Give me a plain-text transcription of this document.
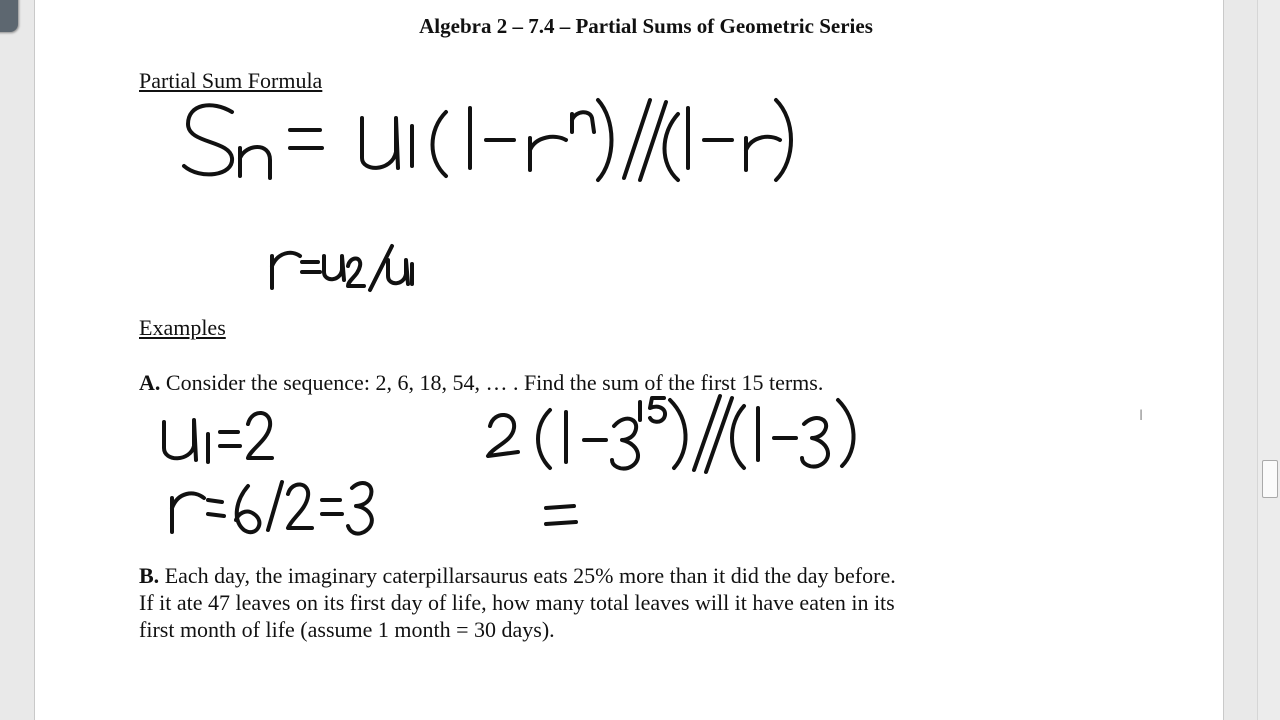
Algebra 2 – 7.4 – Partial Sums of Geometric Series
Partial Sum Formula
Examples
A. Consider the sequence: 2, 6, 18, 54, … . Find the sum of the first 15 terms.
B. Each day, the imaginary caterpillarsaurus eats 25% more than it did the day before.
If it ate 47 leaves on its first day of life, how many total leaves will it have eaten in its
first month of life (assume 1 month = 30 days).
I
